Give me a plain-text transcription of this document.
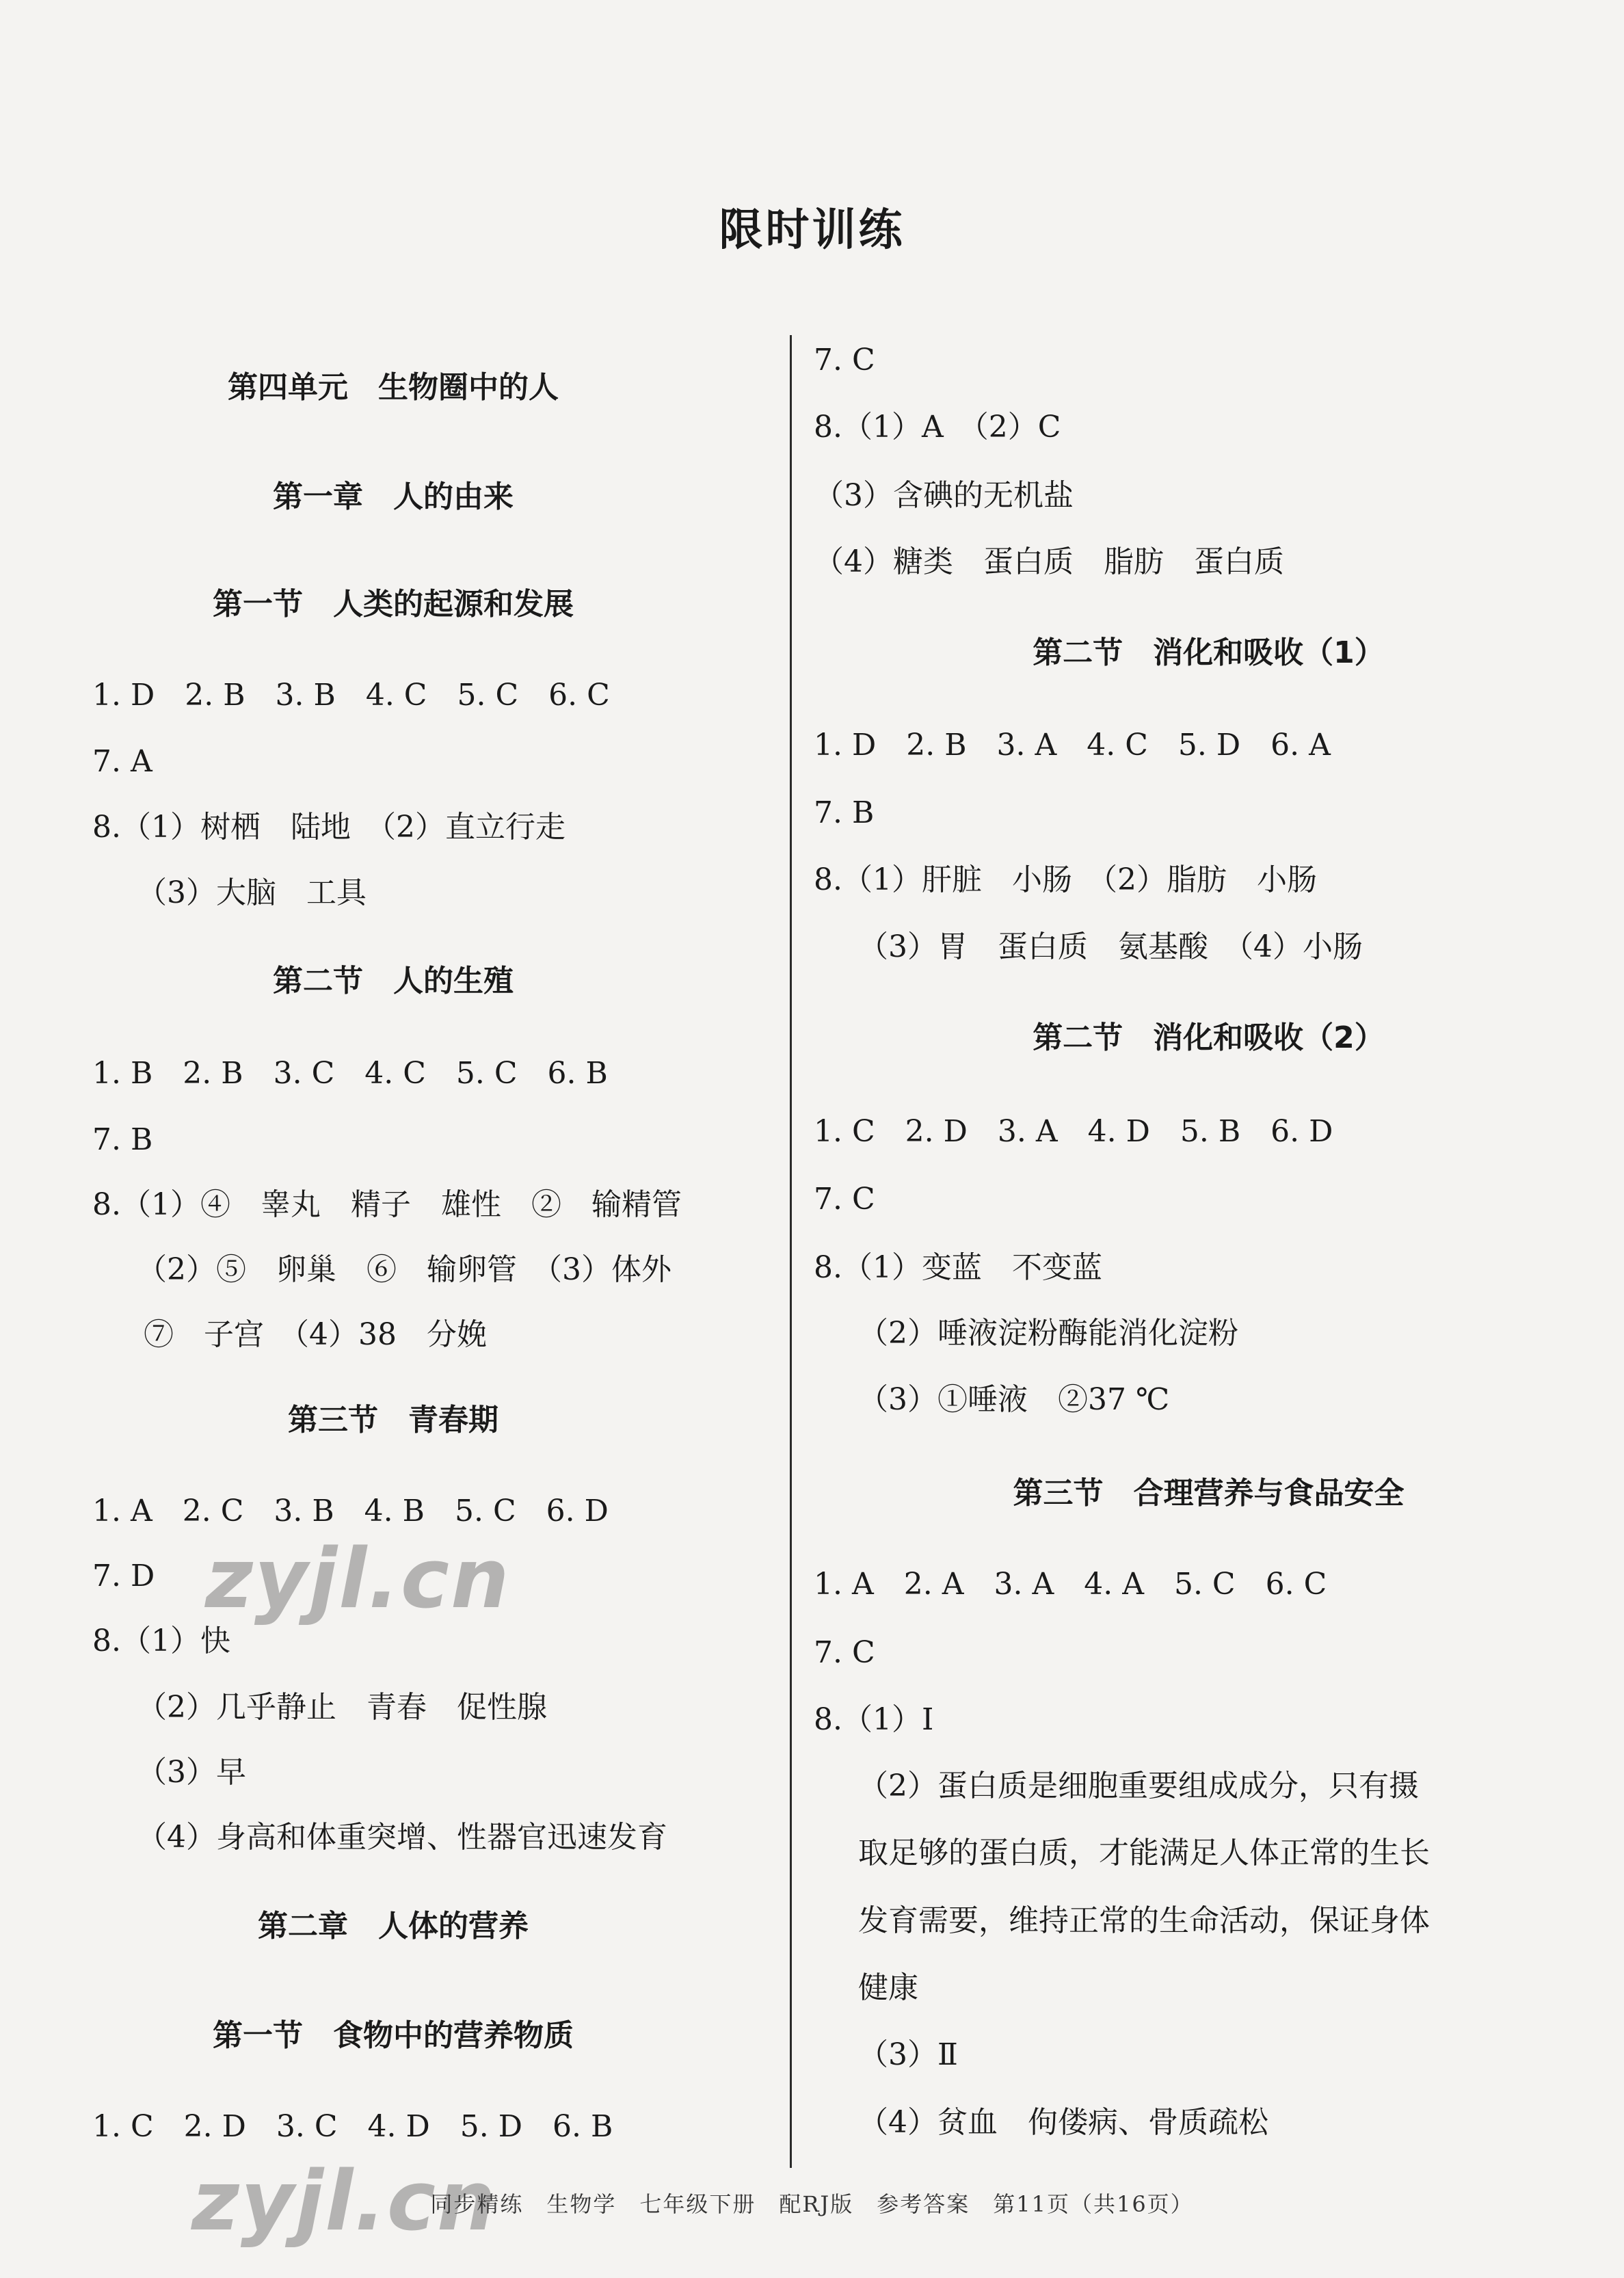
限时训练
第四单元　生物圈中的人
第一章　人的由来
第一节　人类的起源和发展
1. D　2. B　3. B　4. C　5. C　6. C
7. A
8.（1）树栖　陆地　（2）直立行走
（3）大脑　工具
第二节　人的生殖
1. B　2. B　3. C　4. C　5. C　6. B
7. B
8.（1）④　睾丸　精子　雄性　②　输精管
（2）⑤　卵巢　⑥　输卵管　（3）体外
⑦　子宫　（4）38　分娩
第三节　青春期
1. A　2. C　3. B　4. B　5. C　6. D
7. D
8.（1）快
（2）几乎静止　青春　促性腺
（3）早
（4）身高和体重突增、性器官迅速发育
第二章　人体的营养
第一节　食物中的营养物质
1. C　2. D　3. C　4. D　5. D　6. B
7. C
8.（1）A　（2）C
（3）含碘的无机盐
（4）糖类　蛋白质　脂肪　蛋白质
第二节　消化和吸收（1）
1. D　2. B　3. A　4. C　5. D　6. A
7. B
8.（1）肝脏　小肠　（2）脂肪　小肠
（3）胃　蛋白质　氨基酸　（4）小肠
第二节　消化和吸收（2）
1. C　2. D　3. A　4. D　5. B　6. D
7. C
8.（1）变蓝　不变蓝
（2）唾液淀粉酶能消化淀粉
（3）①唾液　②37 ℃
第三节　合理营养与食品安全
1. A　2. A　3. A　4. A　5. C　6. C
7. C
8.（1）Ⅰ
（2）蛋白质是细胞重要组成成分，只有摄
取足够的蛋白质，才能满足人体正常的生长
发育需要，维持正常的生命活动，保证身体
健康
（3）Ⅱ
（4）贫血　佝偻病、骨质疏松
zyjl.cn
zyjl.cn
同步精练　生物学　七年级下册　配RJ版　参考答案　第11页（共16页）
